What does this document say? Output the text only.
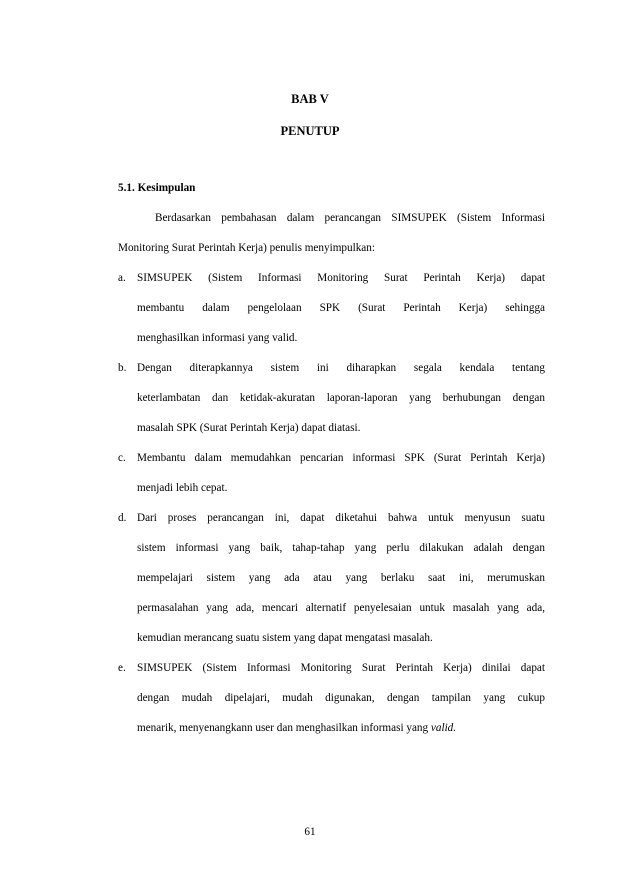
BAB V
PENUTUP
5.1. Kesimpulan
Berdasarkan pembahasan dalam perancangan SIMSUPEK (Sistem Informasi
Monitoring Surat Perintah Kerja) penulis menyimpulkan:
a. SIMSUPEK (Sistem Informasi Monitoring Surat Perintah Kerja) dapat
membantu dalam pengelolaan SPK (Surat Perintah Kerja) sehingga
menghasilkan informasi yang valid.
b. Dengan diterapkannya sistem ini diharapkan segala kendala tentang
keterlambatan dan ketidak-akuratan laporan-laporan yang berhubungan dengan
masalah SPK (Surat Perintah Kerja) dapat diatasi.
c. Membantu dalam memudahkan pencarian informasi SPK (Surat Perintah Kerja)
menjadi lebih cepat.
d. Dari proses perancangan ini, dapat diketahui bahwa untuk menyusun suatu
sistem informasi yang baik, tahap-tahap yang perlu dilakukan adalah dengan
mempelajari sistem yang ada atau yang berlaku saat ini, merumuskan
permasalahan yang ada, mencari alternatif penyelesaian untuk masalah yang ada,
kemudian merancang suatu sistem yang dapat mengatasi masalah.
e. SIMSUPEK (Sistem Informasi Monitoring Surat Perintah Kerja) dinilai dapat
dengan mudah dipelajari, mudah digunakan, dengan tampilan yang cukup
menarik, menyenangkann user dan menghasilkan informasi yang valid.
61
